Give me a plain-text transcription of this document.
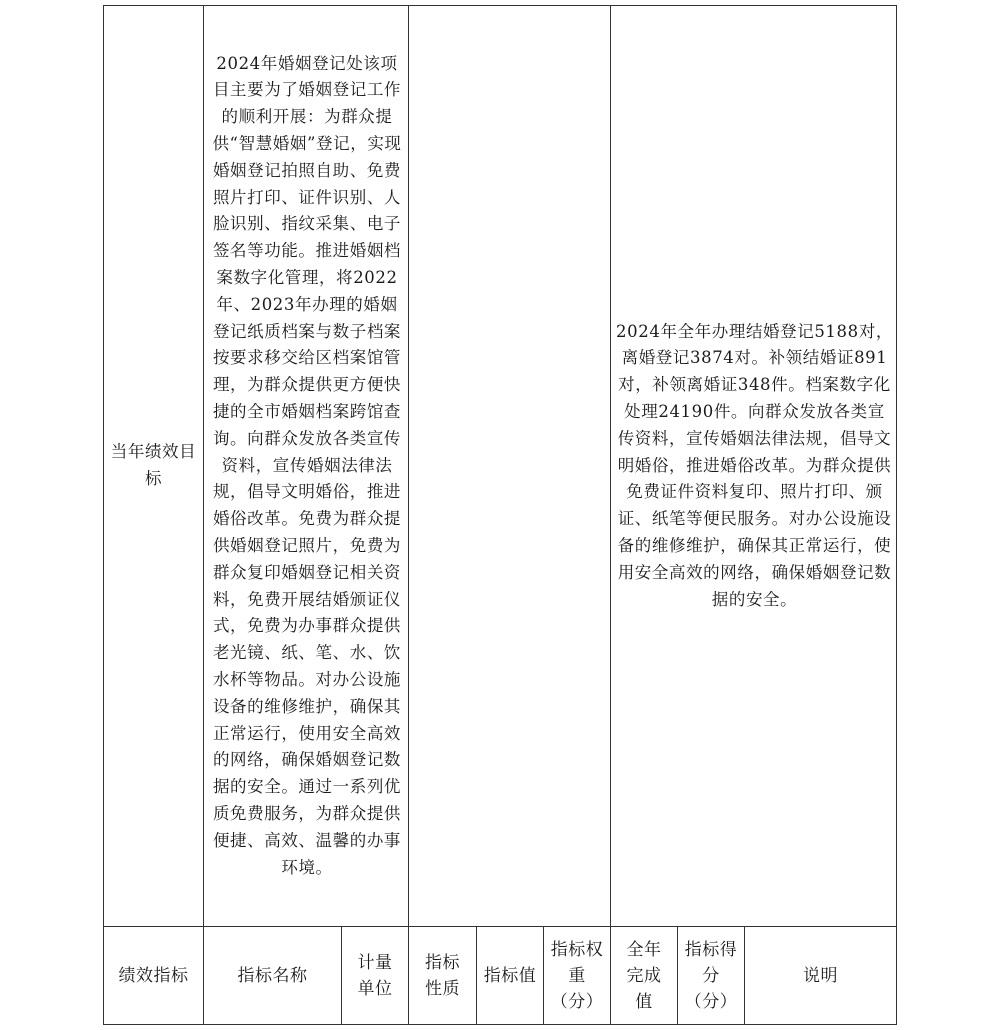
当年绩效目标
2024年婚姻登记处该项目主要为了婚姻登记工作的顺利开展：为群众提供“智慧婚姻”登记，实现婚姻登记拍照自助、免费照片打印、证件识别、人脸识别、指纹采集、电子签名等功能。推进婚姻档案数字化管理，将2022年、2023年办理的婚姻登记纸质档案与数子档案按要求移交给区档案馆管理，为群众提供更方便快捷的全市婚姻档案跨馆查询。向群众发放各类宣传资料，宣传婚姻法律法规，倡导文明婚俗，推进婚俗改革。免费为群众提供婚姻登记照片，免费为群众复印婚姻登记相关资料，免费开展结婚颁证仪式，免费为办事群众提供老光镜、纸、笔、水、饮水杯等物品。对办公设施设备的维修维护，确保其正常运行，使用安全高效的网络，确保婚姻登记数据的安全。通过一系列优质免费服务，为群众提供便捷、高效、温馨的办事环境。
2024年全年办理结婚登记5188对，离婚登记3874对。补领结婚证891对，补领离婚证348件。档案数字化处理24190件。向群众发放各类宣传资料，宣传婚姻法律法规，倡导文明婚俗，推进婚俗改革。为群众提供免费证件资料复印、照片打印、颁证、纸笔等便民服务。对办公设施设备的维修维护，确保其正常运行，使用安全高效的网络，确保婚姻登记数据的安全。
绩效指标	指标名称
计量单位
指标性质
指标值
指标权重（分）
全年完成值
指标得分（分）
说明
